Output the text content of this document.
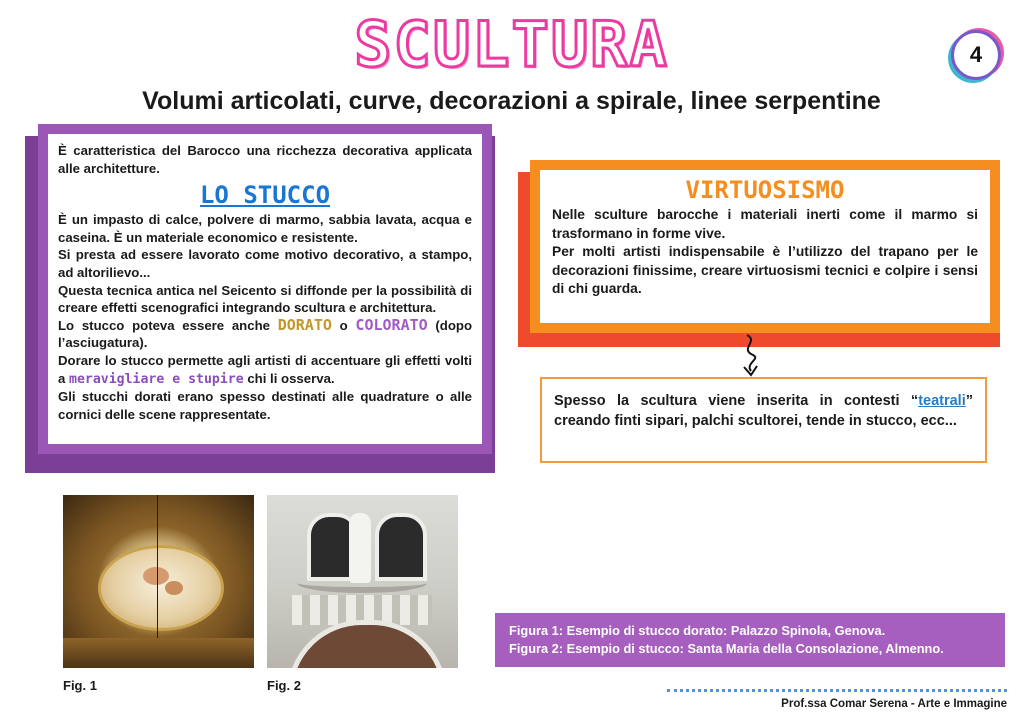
SCULTURA	4
Volumi articolati, curve, decorazioni a spirale, linee serpentine

È caratteristica del Barocco una ricchezza decorativa applicata alle architetture.

LO STUCCO

È un impasto di calce, polvere di marmo, sabbia lavata, acqua e caseina. È un materiale economico e resistente.

Si presta ad essere lavorato come motivo decorativo, a stampo, ad altorilievo...

Questa tecnica antica nel Seicento si diffonde per la possibilità di creare effetti scenografici integrando scultura e architettura.

Lo stucco poteva essere anche DORATO o COLORATO (dopo l’asciugatura).

Dorare lo stucco permette agli artisti di accentuare gli effetti volti a meravigliare e stupire chi li osserva.

Gli stucchi dorati erano spesso destinati alle quadrature o alle cornici delle scene rappresentate.

VIRTUOSISMO

Nelle sculture barocche i materiali inerti come il marmo si trasformano in forme vive.

Per molti artisti indispensabile è l’utilizzo del trapano per le decorazioni finissime, creare virtuosismi tecnici e colpire i sensi di chi guarda.

Spesso la scultura viene inserita in contesti “teatrali” creando finti sipari, palchi scultorei, tende in stucco, ecc...

Fig. 1	Fig. 2
Figura 1: Esempio di stucco dorato: Palazzo Spinola, Genova.
Figura 2: Esempio di stucco: Santa Maria della Consolazione, Almenno.
Prof.ssa Comar Serena - Arte e Immagine
